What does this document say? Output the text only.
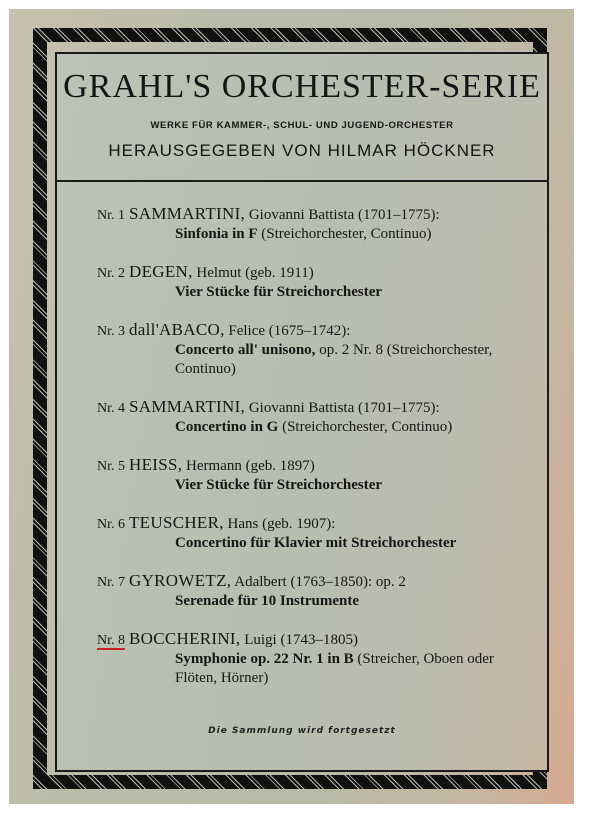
GRAHL'S ORCHESTER-SERIE
WERKE FÜR KAMMER-, SCHUL- UND JUGEND-ORCHESTER
HERAUSGEGEBEN VON HILMAR HÖCKNER
Nr. 1 SAMMARTINI, Giovanni Battista (1701–1775):
Sinfonia in F (Streichorchester, Continuo)
Nr. 2 DEGEN, Helmut (geb. 1911)
Vier Stücke für Streichorchester
Nr. 3 dall'ABACO, Felice (1675–1742):
Concerto all' unisono, op. 2 Nr. 8 (Streichorchester, Continuo)
Nr. 4 SAMMARTINI, Giovanni Battista (1701–1775):
Concertino in G (Streichorchester, Continuo)
Nr. 5 HEISS, Hermann (geb. 1897)
Vier Stücke für Streichorchester
Nr. 6 TEUSCHER, Hans (geb. 1907):
Concertino für Klavier mit Streichorchester
Nr. 7 GYROWETZ, Adalbert (1763–1850): op. 2
Serenade für 10 Instrumente
Nr. 8 BOCCHERINI, Luigi (1743–1805)
Symphonie op. 22 Nr. 1 in B (Streicher, Oboen oder Flöten, Hörner)
Die Sammlung wird fortgesetzt
